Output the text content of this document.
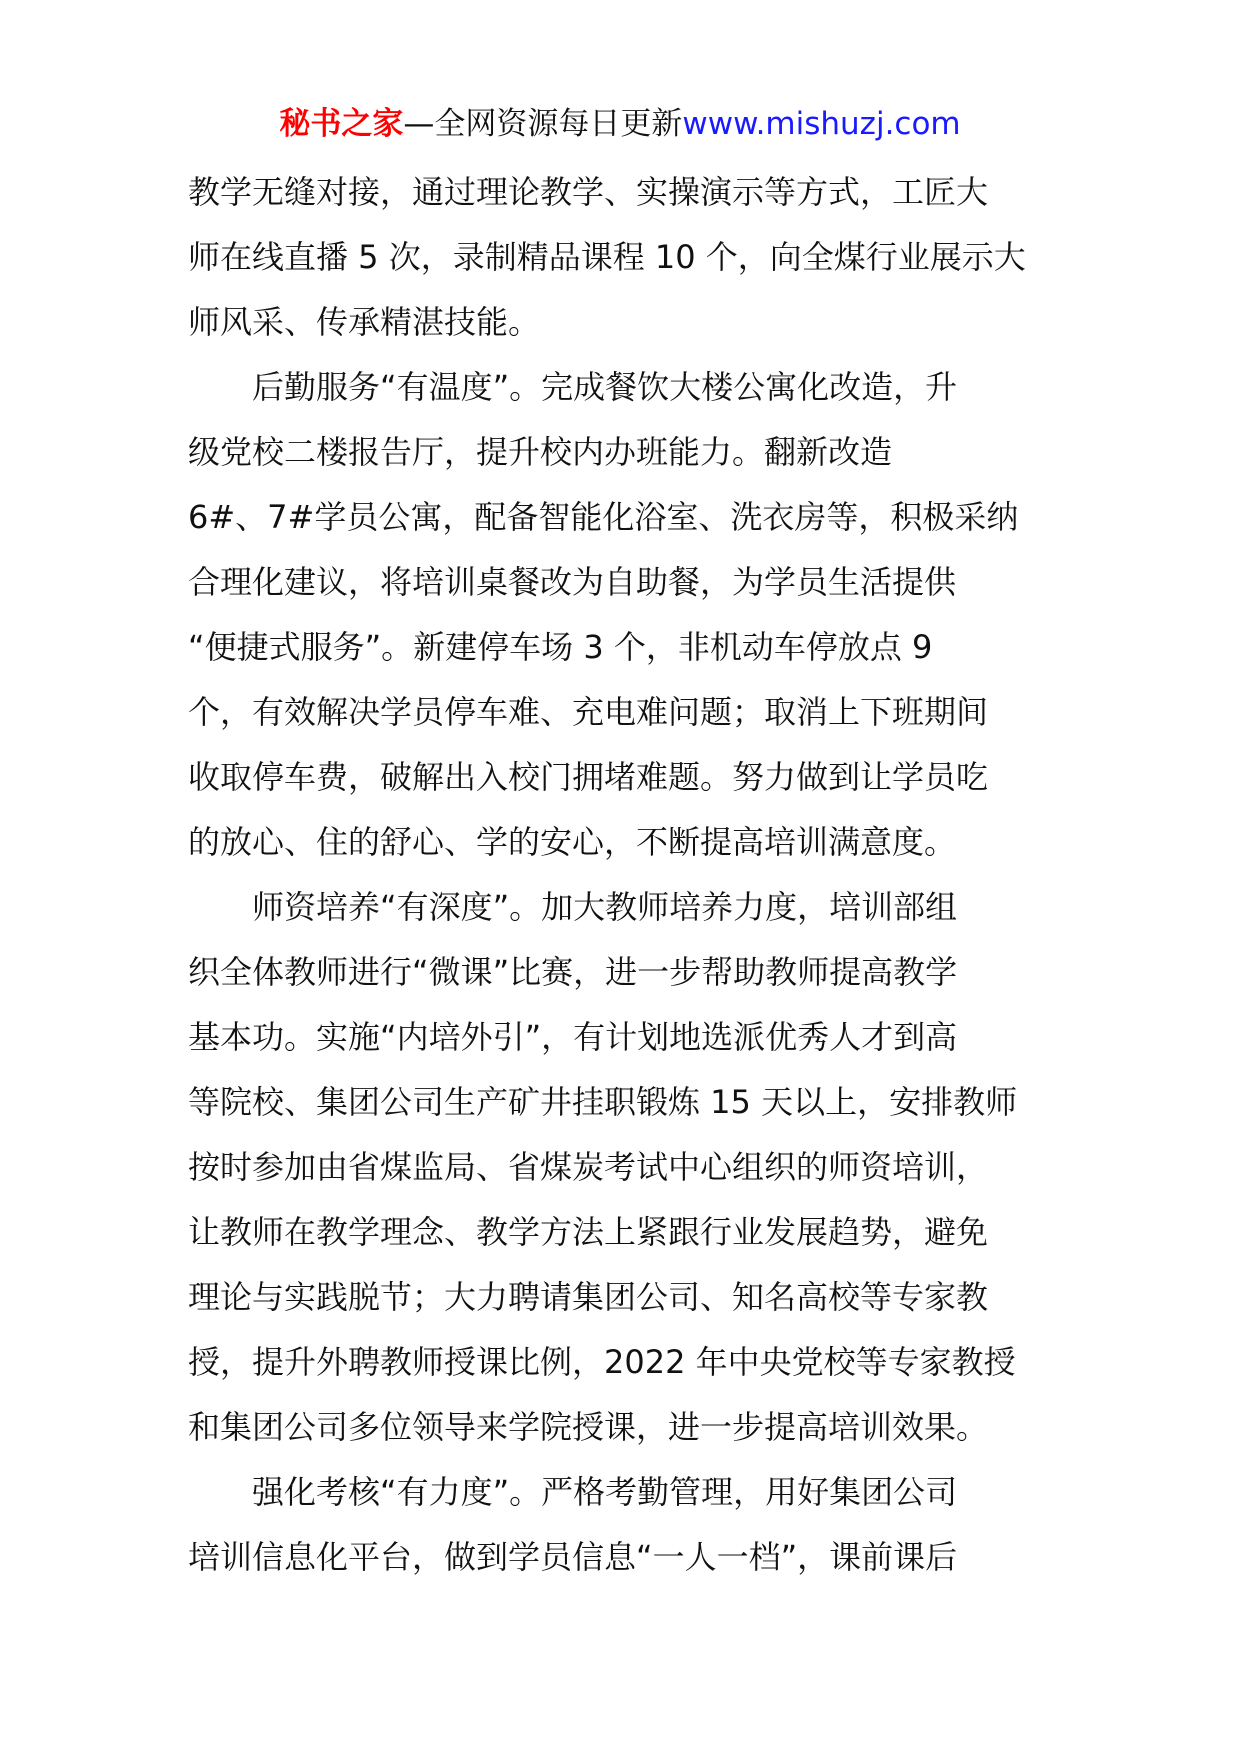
秘书之家—全网资源每日更新www.mishuzj.com
教学无缝对接，通过理论教学、实操演示等方式，工匠大
师在线直播 5 次，录制精品课程 10 个，向全煤行业展示大
师风采、传承精湛技能。
　　后勤服务“有温度”。完成餐饮大楼公寓化改造，升
级党校二楼报告厅，提升校内办班能力。翻新改造
6#、7#学员公寓，配备智能化浴室、洗衣房等，积极采纳
合理化建议，将培训桌餐改为自助餐，为学员生活提供
“便捷式服务”。新建停车场 3 个，非机动车停放点 9
个，有效解决学员停车难、充电难问题；取消上下班期间
收取停车费，破解出入校门拥堵难题。努力做到让学员吃
的放心、住的舒心、学的安心，不断提高培训满意度。
　　师资培养“有深度”。加大教师培养力度，培训部组
织全体教师进行“微课”比赛，进一步帮助教师提高教学
基本功。实施“内培外引”，有计划地选派优秀人才到高
等院校、集团公司生产矿井挂职锻炼 15 天以上，安排教师
按时参加由省煤监局、省煤炭考试中心组织的师资培训，
让教师在教学理念、教学方法上紧跟行业发展趋势，避免
理论与实践脱节；大力聘请集团公司、知名高校等专家教
授，提升外聘教师授课比例，2022 年中央党校等专家教授
和集团公司多位领导来学院授课，进一步提高培训效果。
　　强化考核“有力度”。严格考勤管理，用好集团公司
培训信息化平台，做到学员信息“一人一档”，课前课后
